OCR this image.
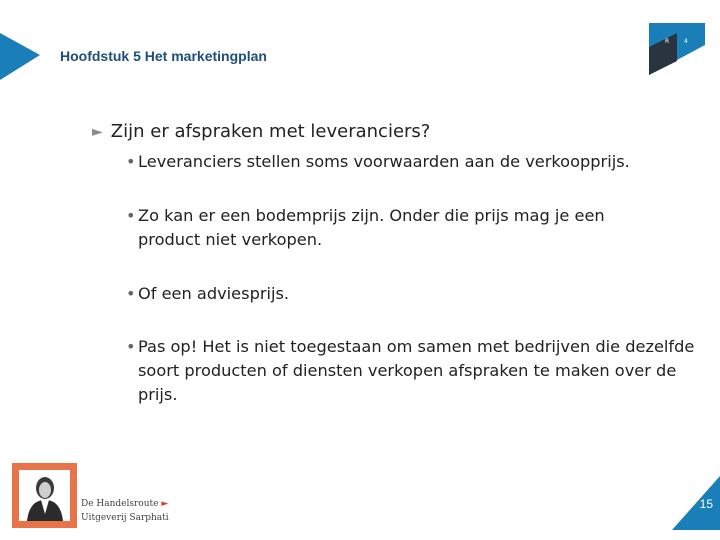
Hoofdstuk 5 Het marketingplan
R 4
► Zijn er afspraken met leveranciers?
• Leveranciers stellen soms voorwaarden aan de verkoopprijs.
• Zo kan er een bodemprijs zijn. Onder die prijs mag je een product niet verkopen.
• Of een adviesprijs.
• Pas op! Het is niet toegestaan om samen met bedrijven die dezelfde soort producten of diensten verkopen afspraken te maken over de prijs.
De Handelsroute ►
Uitgeverij Sarphati
15
